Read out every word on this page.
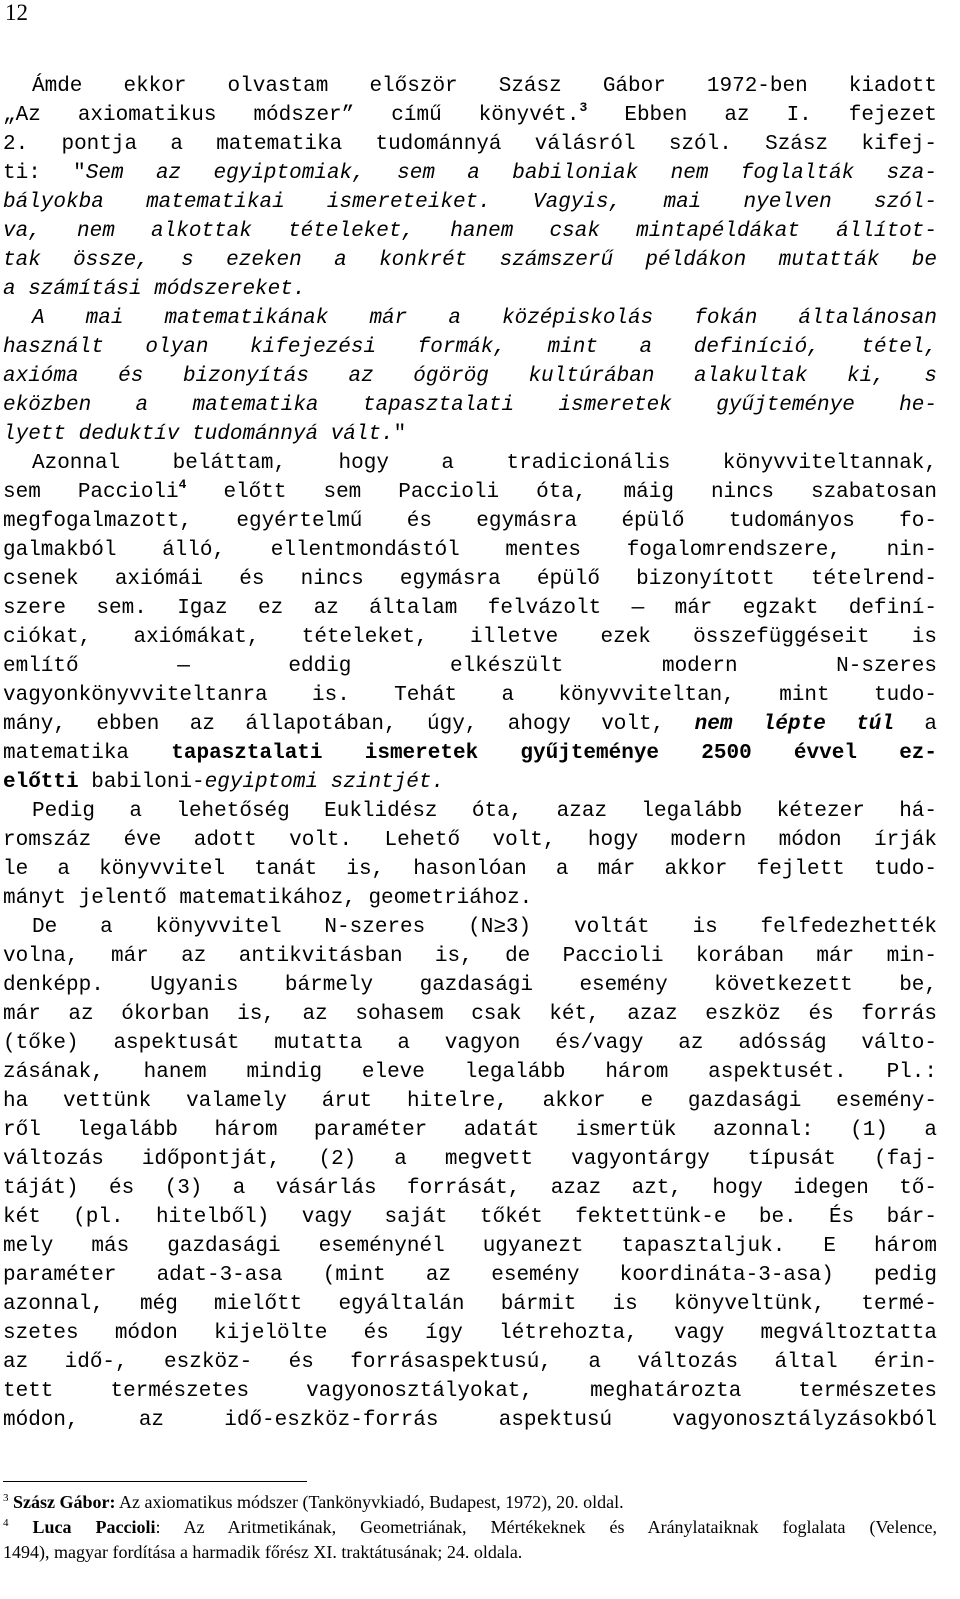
12
Ámde ekkor olvastam először Szász Gábor 1972-ben kiadott
„Az axiomatikus módszer” című könyvét.$^3$ Ebben az I. fejezet
2. pontja a matematika tudománnyá válásról szól. Szász kifej-
ti: "Sem az egyiptomiak, sem a babiloniak nem foglalták sza-
bályokba matematikai ismereteiket. Vagyis, mai nyelven szól-
va, nem alkottak tételeket, hanem csak mintapéldákat állítot-
tak össze, s ezeken a konkrét számszerű példákon mutatták be
a számítási módszereket.
A mai matematikának már a középiskolás fokán általánosan
használt olyan kifejezési formák, mint a definíció, tétel,
axióma és bizonyítás az ógörög kultúrában alakultak ki, s
eközben a matematika tapasztalati ismeretek gyűjteménye he-
lyett deduktív tudománnyá vált."
Azonnal beláttam, hogy a tradicionális könyvviteltannak,
sem Paccioli$^4$ előtt sem Paccioli óta, máig nincs szabatosan
megfogalmazott, egyértelmű és egymásra épülő tudományos fo-
galmakból álló, ellentmondástól mentes fogalomrendszere, nin-
csenek axiómái és nincs egymásra épülő bizonyított tételrend-
szere sem. Igaz ez az általam felvázolt — már egzakt definí-
ciókat, axiómákat, tételeket, illetve ezek összefüggéseit is
említő — eddig elkészült modern N-szeres
vagyonkönyvviteltanra is. Tehát a könyvviteltan, mint tudo-
mány, ebben az állapotában, úgy, ahogy volt, nem lépte túl a
matematika tapasztalati ismeretek gyűjteménye 2500 évvel ez-
előtti babiloni-egyiptomi szintjét.
Pedig a lehetőség Euklidész óta, azaz legalább kétezer há-
romszáz éve adott volt. Lehető volt, hogy modern módon írják
le a könyvvitel tanát is, hasonlóan a már akkor fejlett tudo-
mányt jelentő matematikához, geometriához.
De a könyvvitel N-szeres (N≥3) voltát is felfedezhették
volna, már az antikvitásban is, de Paccioli korában már min-
denképp. Ugyanis bármely gazdasági esemény következett be,
már az ókorban is, az sohasem csak két, azaz eszköz és forrás
(tőke) aspektusát mutatta a vagyon és/vagy az adósság válto-
zásának, hanem mindig eleve legalább három aspektusét. Pl.:
ha vettünk valamely árut hitelre, akkor e gazdasági esemény-
ről legalább három paraméter adatát ismertük azonnal: (1) a
változás időpontját, (2) a megvett vagyontárgy típusát (faj-
táját) és (3) a vásárlás forrását, azaz azt, hogy idegen tő-
két (pl. hitelből) vagy saját tőkét fektettünk-e be. És bár-
mely más gazdasági eseménynél ugyanezt tapasztaljuk. E három
paraméter adat-3-asa (mint az esemény koordináta-3-asa) pedig
azonnal, még mielőtt egyáltalán bármit is könyveltünk, termé-
szetes módon kijelölte és így létrehozta, vagy megváltoztatta
az idő-, eszköz- és forrásaspektusú, a változás által érin-
tett természetes vagyonosztályokat, meghatározta természetes
módon, az idő-eszköz-forrás aspektusú vagyonosztályzásokból
$^3$ Szász Gábor: Az axiomatikus módszer (Tankönyvkiadó, Budapest, 1972), 20. oldal.
$^4$ Luca Paccioli: Az Aritmetikának, Geometriának, Mértékeknek és Aránylataiknak foglalata (Velence,
1494), magyar fordítása a harmadik főrész XI. traktátusának; 24. oldala.
